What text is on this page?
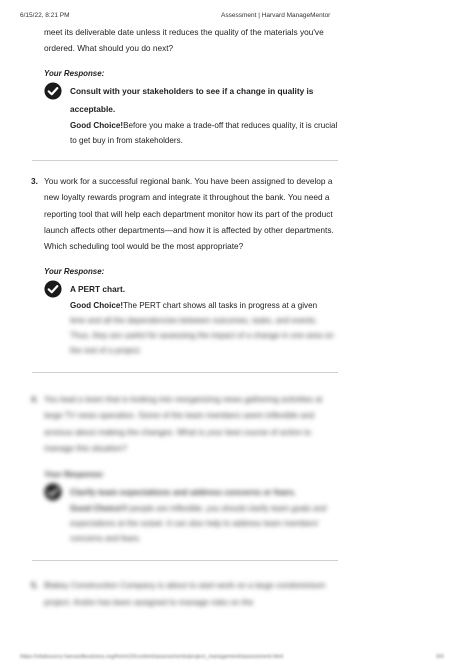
6/15/22, 8:21 PM	Assessment | Harvard ManageMentor

meet its deliverable date unless it reduces the quality of the materials you've ordered. What should you do next?

Your Response:

Consult with your stakeholders to see if a change in quality is acceptable.

Good Choice!Before you make a trade-off that reduces quality, it is crucial to get buy in from stakeholders.

3. You work for a successful regional bank. You have been assigned to develop a new loyalty rewards program and integrate it throughout the bank. You need a reporting tool that will help each department monitor how its part of the product launch affects other departments—and how it is affected by other departments. Which scheduling tool would be the most appropriate?

Your Response:

A PERT chart.

Good Choice!The PERT chart shows all tasks in progress at a given

time and all the dependencies between outcomes, tasks, and events. Thus, they are useful for assessing the impact of a change in one area on the rest of a project.

4. You lead a team that is looking into reorganizing news gathering activities at large TV news operation. Some of the team members seem inflexible and anxious about making the changes. What is your best course of action to manage this situation?

Your Response:

Clarify team expectations and address concerns or fears.

Good Choice!If people are inflexible, you should clarify team goals and expectations at the outset. It can also help to address team members' concerns and fears.

5. Blakey Construction Company is about to start work on a large condominium project. Andre has been assigned to manage risks on the

https://vitalsource.harvardbusiness.org/hmm10/content/assessments/project_management/assessment.html	3/4
